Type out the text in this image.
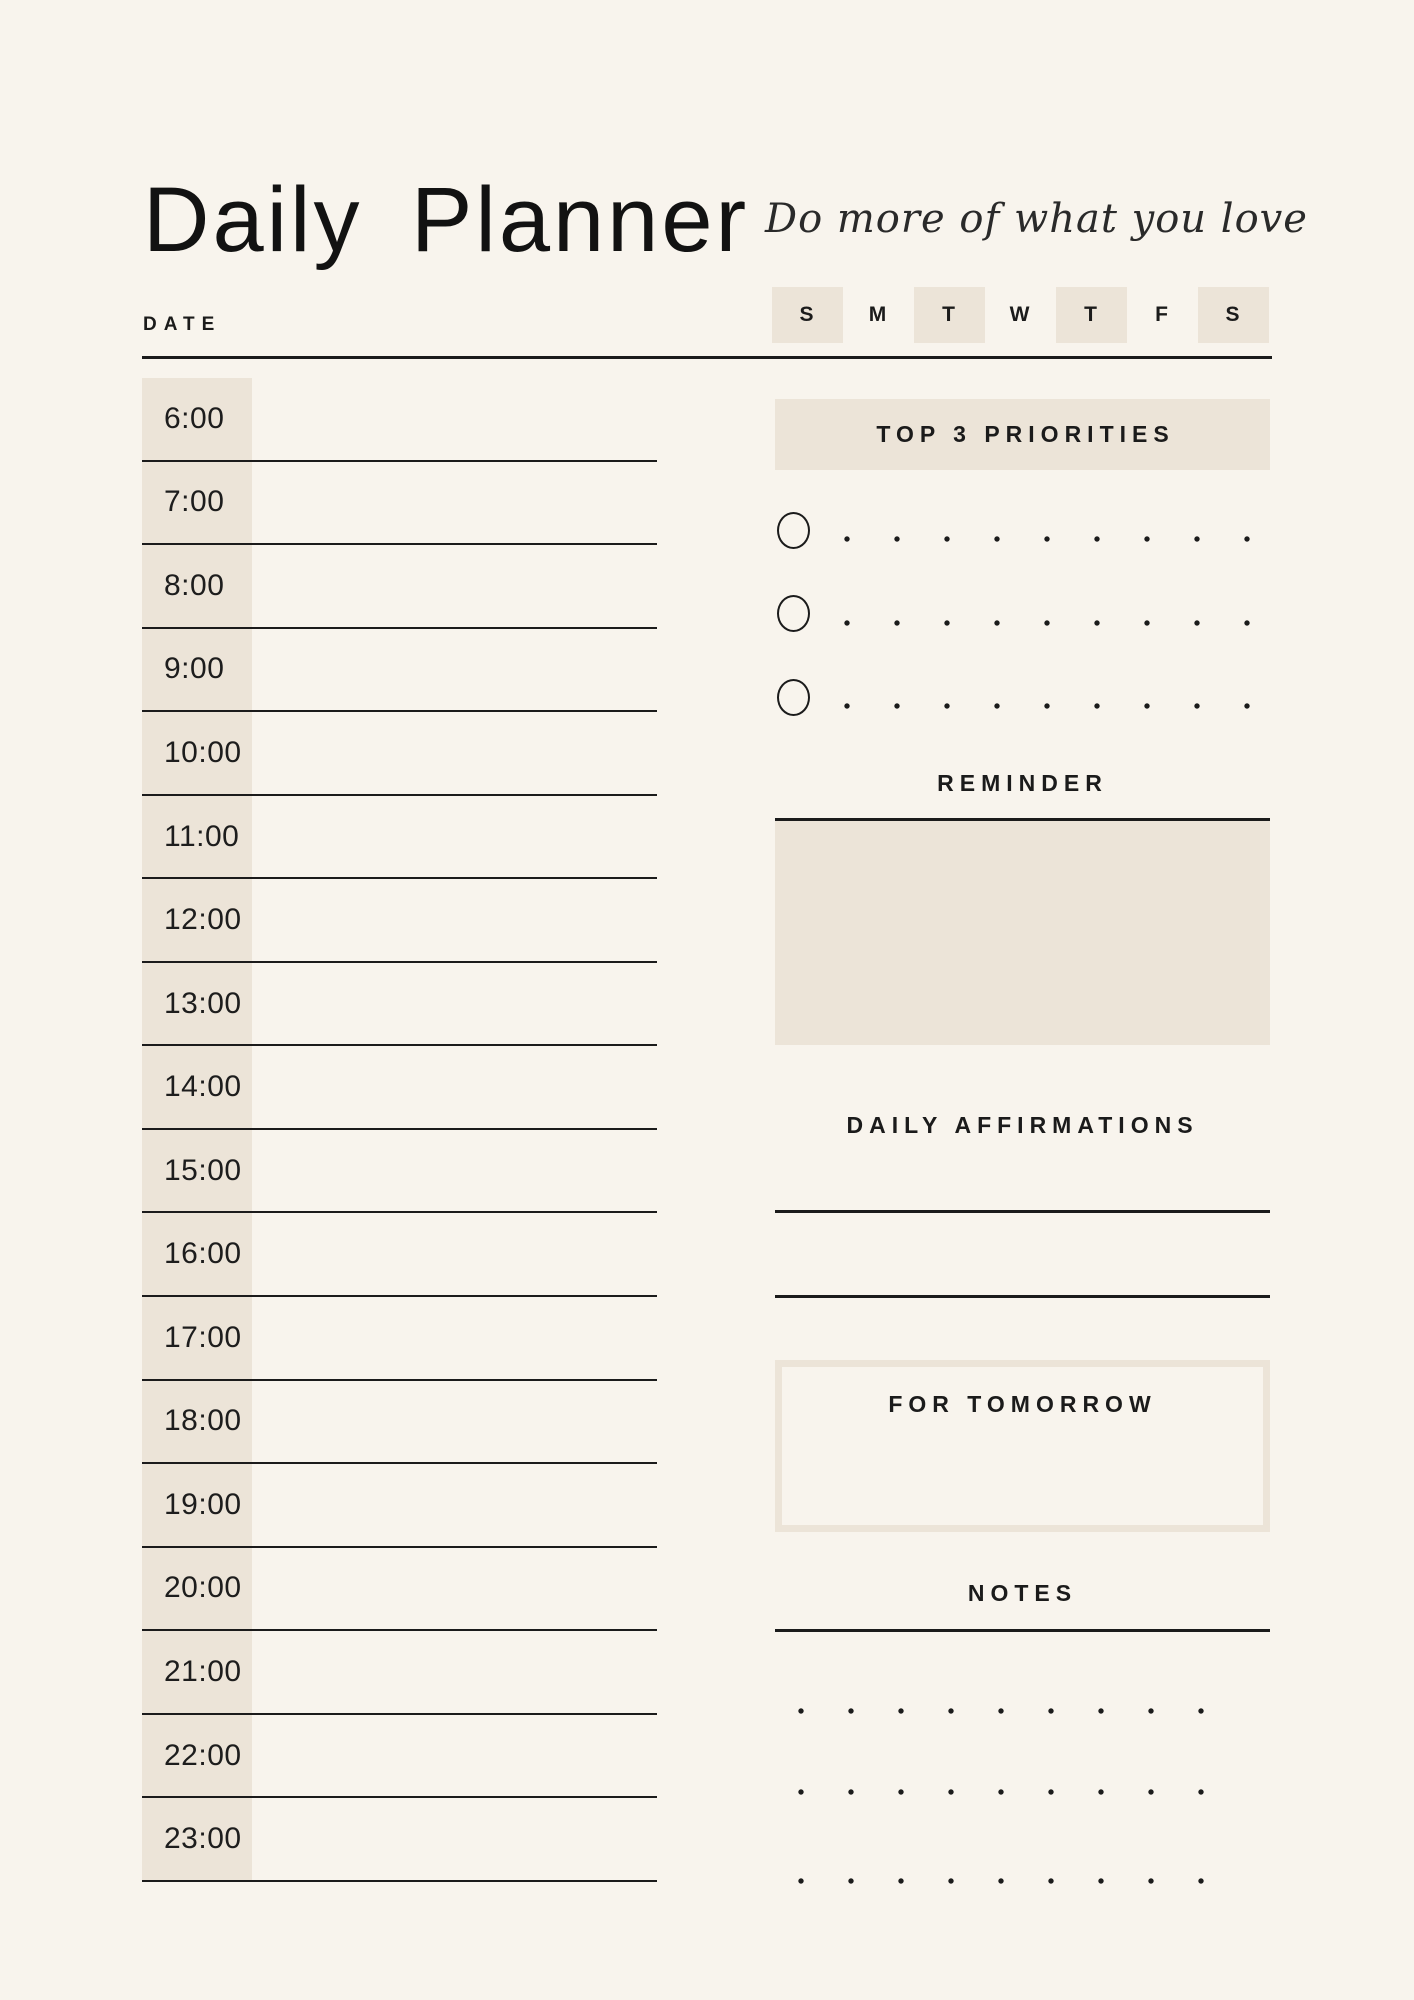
Daily Planner Do more of what you love
DATE	S	M	T	W	T	F	S
6:00
7:00
8:00
9:00
10:00
11:00
12:00
13:00
14:00
15:00
16:00
17:00
18:00
19:00
20:00
21:00
22:00
23:00
TOP 3 PRIORITIES
REMINDER
DAILY AFFIRMATIONS
FOR TOMORROW
NOTES
